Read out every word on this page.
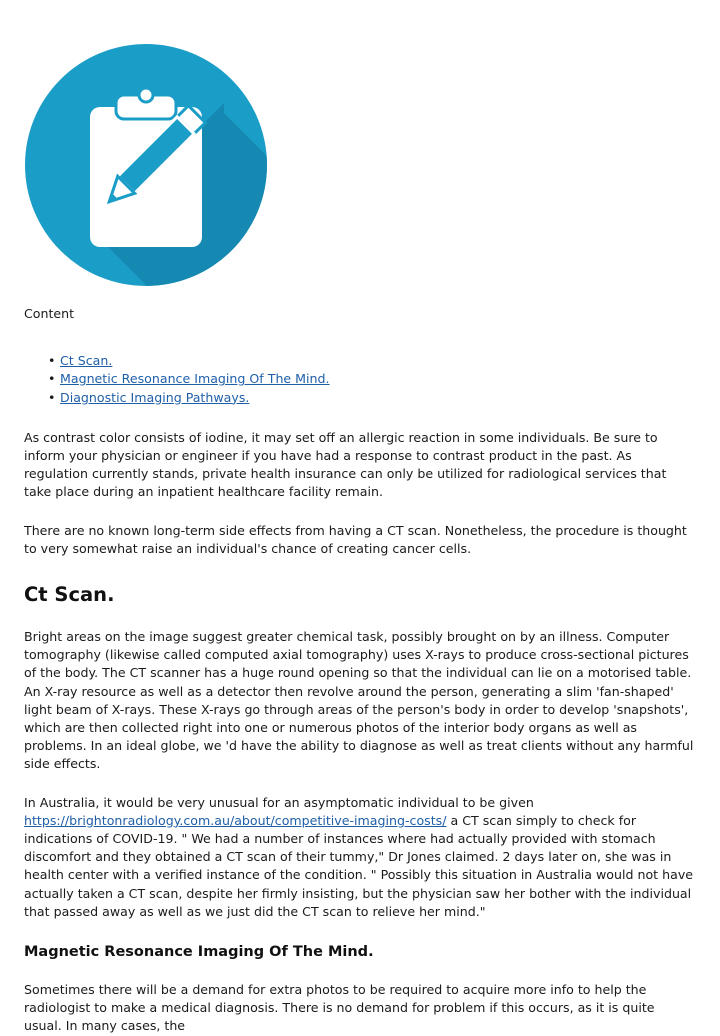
Content

• Ct Scan.
• Magnetic Resonance Imaging Of The Mind.
• Diagnostic Imaging Pathways.

As contrast color consists of iodine, it may set off an allergic reaction in some individuals. Be sure to inform your physician or engineer if you have had a response to contrast product in the past. As regulation currently stands, private health insurance can only be utilized for radiological services that take place during an inpatient healthcare facility remain.

There are no known long-term side effects from having a CT scan. Nonetheless, the procedure is thought to very somewhat raise an individual's chance of creating cancer cells.

Ct Scan.

Bright areas on the image suggest greater chemical task, possibly brought on by an illness. Computer tomography (likewise called computed axial tomography) uses X-rays to produce cross-sectional pictures of the body. The CT scanner has a huge round opening so that the individual can lie on a motorised table. An X-ray resource as well as a detector then revolve around the person, generating a slim 'fan-shaped' light beam of X-rays. These X-rays go through areas of the person's body in order to develop 'snapshots', which are then collected right into one or numerous photos of the interior body organs as well as problems. In an ideal globe, we 'd have the ability to diagnose as well as treat clients without any harmful side effects.

In Australia, it would be very unusual for an asymptomatic individual to be given https://brightonradiology.com.au/about/competitive-imaging-costs/ a CT scan simply to check for indications of COVID-19. " We had a number of instances where had actually provided with stomach discomfort and they obtained a CT scan of their tummy," Dr Jones claimed. 2 days later on, she was in health center with a verified instance of the condition. " Possibly this situation in Australia would not have actually taken a CT scan, despite her firmly insisting, but the physician saw her bother with the individual that passed away as well as we just did the CT scan to relieve her mind."

Magnetic Resonance Imaging Of The Mind.

Sometimes there will be a demand for extra photos to be required to acquire more info to help the radiologist to make a medical diagnosis. There is no demand for problem if this occurs, as it is quite usual. In many cases, the
